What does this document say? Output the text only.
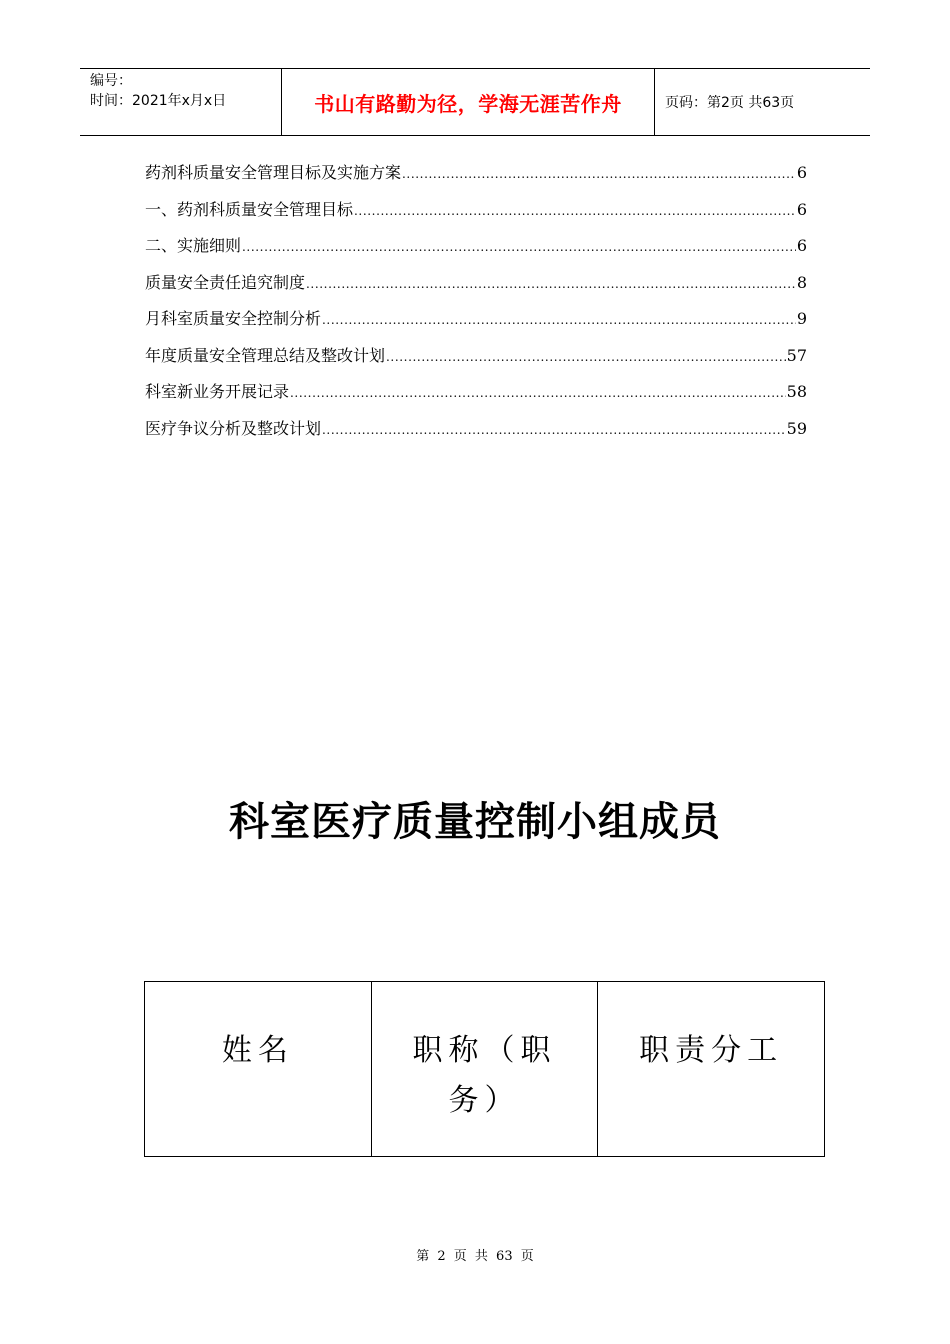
编号：
时间：2021年x月x日	书山有路勤为径，学海无涯苦作舟	页码：第2页 共63页
药剂科质量安全管理目标及实施方案 .....	6
一、药剂科质量安全管理目标 .....	6
二、实施细则 .....	6
质量安全责任追究制度 .....	8
月科室质量安全控制分析 .....	9
年度质量安全管理总结及整改计划 .....	57
科室新业务开展记录 .....	58
医疗争议分析及整改计划 .....	59
科室医疗质量控制小组成员
姓名	职称（职务）	职责分工
第 2 页 共 63 页
